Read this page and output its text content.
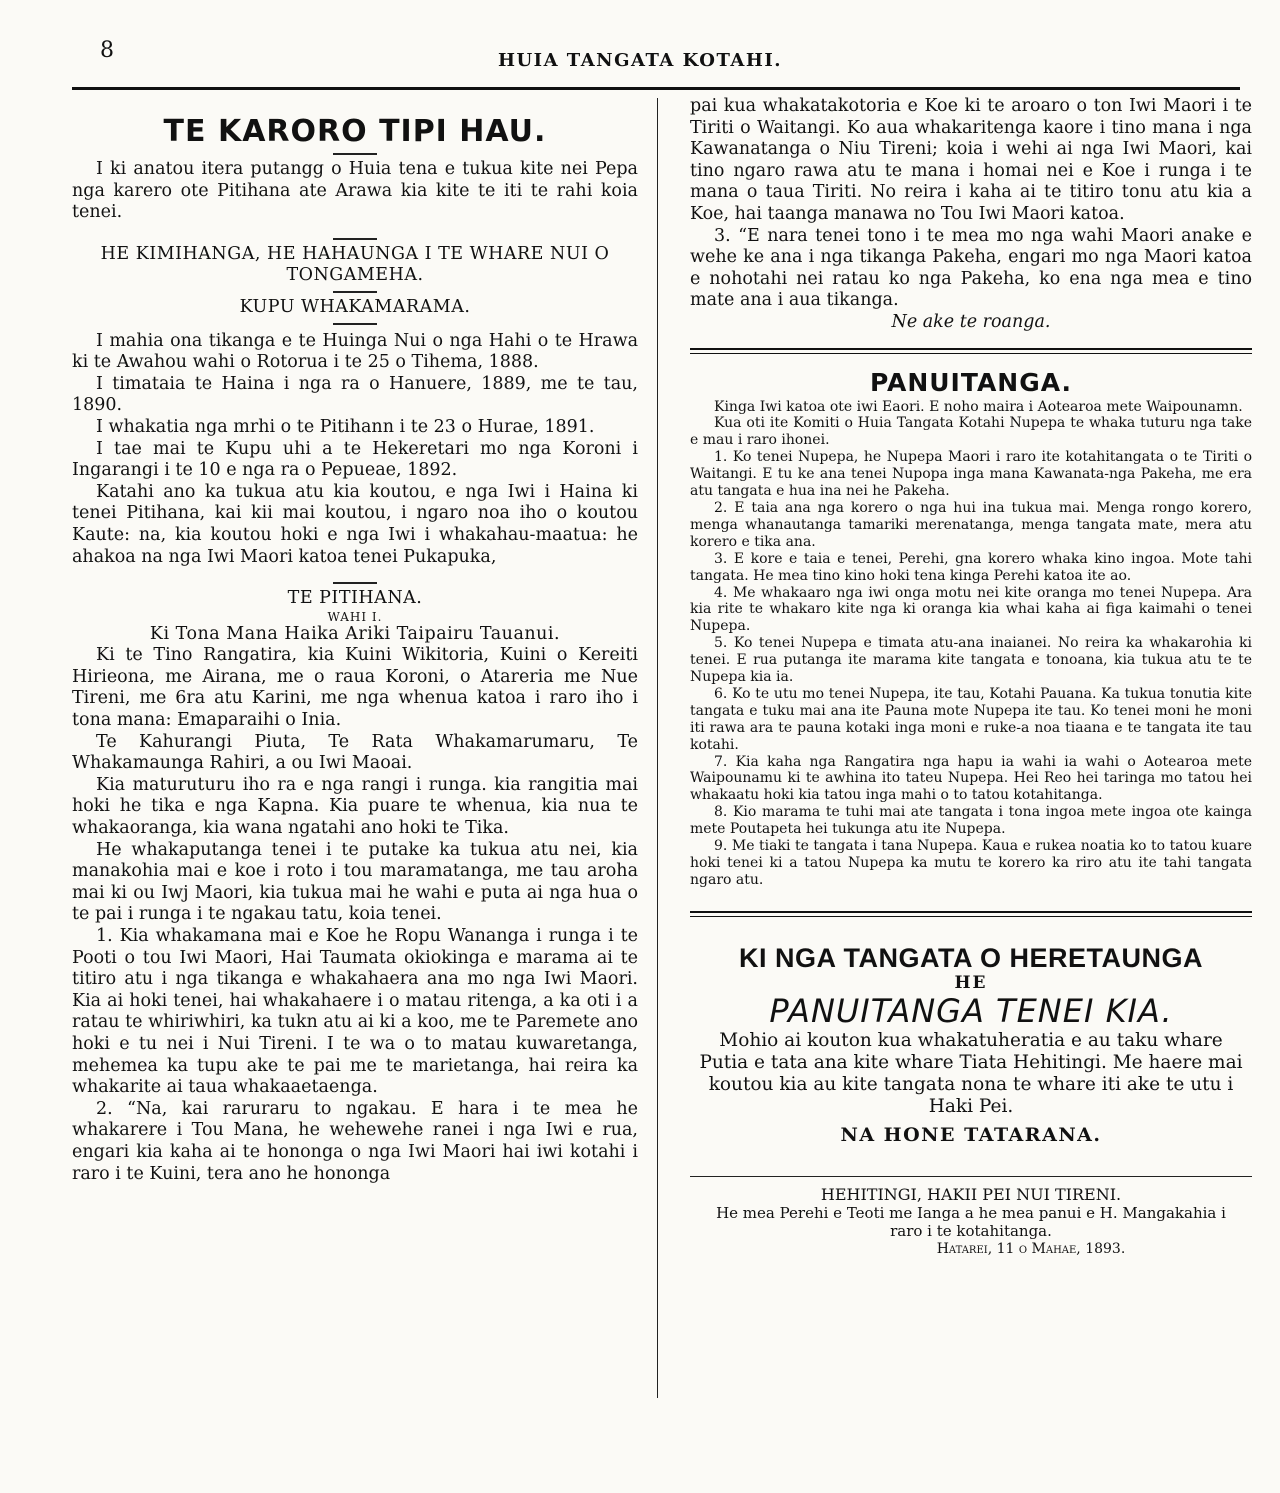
8	HUIA TANGATA KOTAHI.
TE KARORO TIPI HAU.

I ki anatou itera putangg o Huia tena e tukua kite nei Pepa nga karero ote Pitihana ate Arawa kia kite te iti te rahi koia tenei.

HE KIMIHANGA, HE HAHAUNGA I TE WHARE NUI O TONGAMEHA.
KUPU WHAKAMARAMA.

I mahia ona tikanga e te Huinga Nui o nga Hahi o te Hrawa ki te Awahou wahi o Rotorua i te 25 o Tihema, 1888.

I timataia te Haina i nga ra o Hanuere, 1889, me te tau, 1890.

I whakatia nga mrhi o te Pitihann i te 23 o Hurae, 1891.

I tae mai te Kupu uhi a te Hekeretari mo nga Koroni i Ingarangi i te 10 e nga ra o Pepueae, 1892.

Katahi ano ka tukua atu kia koutou, e nga Iwi i Haina ki tenei Pitihana, kai kii mai koutou, i ngaro noa iho o koutou Kaute: na, kia koutou hoki e nga Iwi i whakahau-maatua: he ahakoa na nga Iwi Maori katoa tenei Pukapuka,

TE PITIHANA.
WAHI I.
Ki Tona Mana Haika Ariki Taipairu Tauanui.

Ki te Tino Rangatira, kia Kuini Wikitoria, Kuini o Kereiti Hirieona, me Airana, me o raua Koroni, o Atareria me Nue Tireni, me 6ra atu Karini, me nga whenua katoa i raro iho i tona mana: Emaparaihi o Inia.

Te Kahurangi Piuta, Te Rata Whakamarumaru, Te Whakamaunga Rahiri, a ou Iwi Maoai.

Kia maturuturu iho ra e nga rangi i runga. kia rangitia mai hoki he tika e nga Kapna. Kia puare te whenua, kia nua te whakaoranga, kia wana ngatahi ano hoki te Tika.

He whakaputanga tenei i te putake ka tukua atu nei, kia manakohia mai e koe i roto i tou maramatanga, me tau aroha mai ki ou Iwj Maori, kia tukua mai he wahi e puta ai nga hua o te pai i runga i te ngakau tatu, koia tenei.

1. Kia whakamana mai e Koe he Ropu Wananga i runga i te Pooti o tou Iwi Maori, Hai Taumata okiokinga e marama ai te titiro atu i nga tikanga e whakahaera ana mo nga Iwi Maori. Kia ai hoki tenei, hai whakahaere i o matau ritenga, a ka oti i a ratau te whiriwhiri, ka tukn atu ai ki a koo, me te Paremete ano hoki e tu nei i Nui Tireni. I te wa o to matau kuwaretanga, mehemea ka tupu ake te pai me te marietanga, hai reira ka whakarite ai taua whakaaetaenga.

2. “Na, kai raruraru to ngakau. E hara i te mea he whakarere i Tou Mana, he wehewehe ranei i nga Iwi e rua, engari kia kaha ai te honongа o nga Iwi Maori hai iwi kotahi i raro i te Kuini, tera ano he hononga

pai kua whakatakotoria e Koe ki te aroaro o ton Iwi Maori i te Tiriti o Waitangi. Ko aua whakaritenga kaore i tino mana i nga Kawanatanga o Niu Tireni; koia i wehi ai nga Iwi Maori, kai tino ngaro rawa atu te mana i homai nei e Koe i runga i te mana o taua Tiriti. No reira i kaha ai te titiro tonu atu kia a Koe, hai taanga manawa no Tou Iwi Maori katoa.

3. “E nara tenei tono i te mea mo nga wahi Maori anake e wehe ke ana i nga tikanga Pakeha, engari mo nga Maori katoa e nohotahi nei ratau ko nga Pakeha, ko ena nga mea e tino mate ana i aua tikanga.

Ne ake te roanga.
PANUITANGA.

Kinga Iwi katoa ote iwi Eaori. E noho maira i Aotearoa mete Waipounamn.

Kua oti ite Komiti o Huia Tangata Kotahi Nupepa te whaka tuturu nga take e mau i raro ihonei.

1. Ko tenei Nupepa, he Nupepa Maori i raro ite kotahitangata o te Tiriti o Waitangi. E tu ke ana tenei Nupopa inga mana Kawanata-nga Pakeha, me era atu tangata e hua ina nei he Pakeha.

2. E taia ana nga korero o nga hui ina tukua mai. Menga rongo korero, menga whanautanga tamariki merenatanga, menga tangata mate, mera atu korero e tika ana.

3. E kore e taia e tenei, Perehi, gna korero whaka kino ingoa. Mote tahi tangata. He mea tino kino hoki tena kinga Perehi katoa ite ao.

4. Me whakaaro nga iwi onga motu nei kite oranga mo tenei Nupepa. Ara kia rite te whakaro kite nga ki oranga kia whai kaha ai figa kaimahi o tenei Nupepa.

5. Ko tenei Nupepa e timata atu-ana inaianei. No reira ka whakarohia ki tenei. E rua putanga ite marama kite tangata e tonoana, kia tukua atu te te Nupepa kia ia.

6. Ko te utu mo tenei Nupepa, ite tau, Kotahi Pauana. Ka tukua tonutia kite tangata e tuku mai ana ite Pauna mote Nupepa ite tau. Ko tenei moni he moni iti rawa ara te pauna kotaki inga moni e ruke-a noa tiaana e te tangata ite tau kotahi.

7. Kia kaha nga Rangatira nga hapu ia wahi ia wahi o Aotearoa mete Waipounamu ki te awhina ito tateu Nupepa. Hei Reo hei taringa mo tatou hei whakaatu hoki kia tatou inga mahi o to tatou kotahitanga.

8. Kio marama te tuhi mai ate tangata i tona ingoa mete ingoa ote kainga mete Poutapeta hei tukunga atu ite Nupepa.

9. Me tiaki te tangata i tana Nupepa. Kaua e rukea noatia ko to tatou kuare hoki tenei ki a tatou Nupepa ka mutu te korero ka riro atu ite tahi tangata ngaro atu.

KI NGA TANGATA O HERETAUNGA
HE
PANUITANGA TENEI KIA.

Mohio ai kouton kua whakatuheratia e au taku whare Putia e tata ana kite whare Tiata Hehitingi. Me haere mai koutou kia au kite tangata nona te whare iti ake te utu i Haki Pei.

NA HONE TATARANA.
HEHITINGI, HAKII PEI NUI TIRENI.

He mea Perehi e Teoti me Ianga a he mea panui e H. Mangakahia i raro i te kotahitanga.

Hatarei, 11 o Mahae, 1893.
